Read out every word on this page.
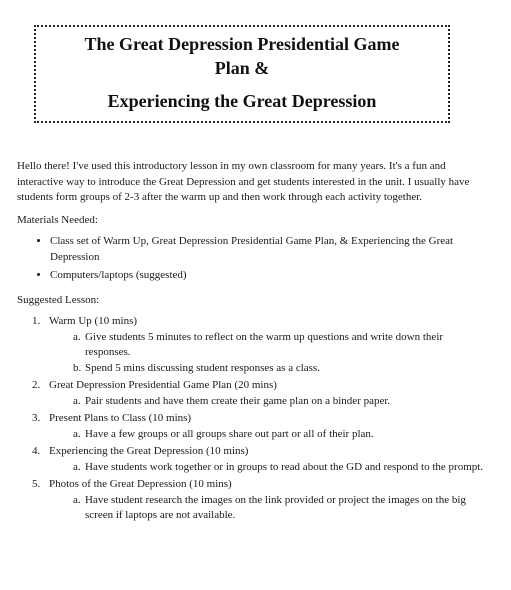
The Great Depression Presidential Game
Plan &
Experiencing the Great Depression

Hello there! I've used this introductory lesson in my own classroom for many years. It's a fun and interactive way to introduce the Great Depression and get students interested in the unit. I usually have students form groups of 2-3 after the warm up and then work through each activity together.

Materials Needed:

• Class set of Warm Up, Great Depression Presidential Game Plan, & Experiencing the Great Depression
• Computers/laptops (suggested)

Suggested Lesson:

1. Warm Up (10 mins)
a. Give students 5 minutes to reflect on the warm up questions and write down their responses.
b. Spend 5 mins discussing student responses as a class.
2. Great Depression Presidential Game Plan (20 mins)
a. Pair students and have them create their game plan on a binder paper.
3. Present Plans to Class (10 mins)
a. Have a few groups or all groups share out part or all of their plan.
4. Experiencing the Great Depression (10 mins)
a. Have students work together or in groups to read about the GD and respond to the prompt.
5. Photos of the Great Depression (10 mins)
a. Have student research the images on the link provided or project the images on the big screen if laptops are not available.
